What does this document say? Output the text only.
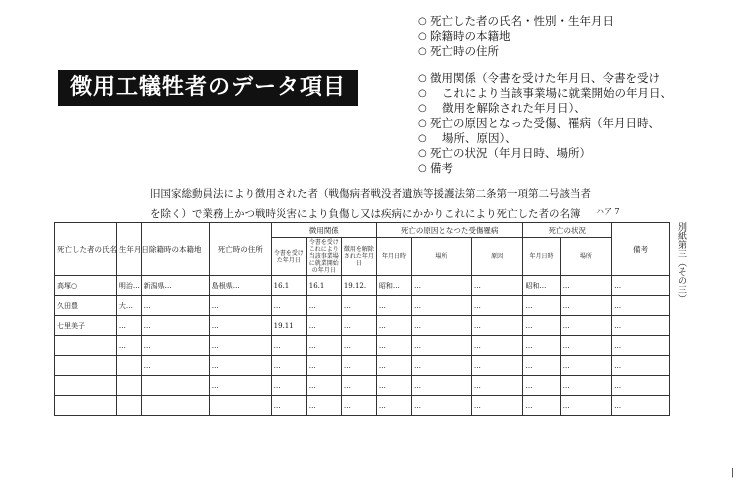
徴用工犠牲者のデータ項目

○ 死亡した者の氏名・性別・生年月日

○ 除籍時の本籍地

○ 死亡時の住所

○ 徴用関係（令書を受けた年月日、令書を受け

○ これにより当該事業場に就業開始の年月日、

○ 徴用を解除された年月日）、

○ 死亡の原因となった受傷、罹病（年月日時、

○ 場所、原因）、

○ 死亡の状況（年月日時、場所）

○ 備考

旧国家総動員法により徴用された者（戦傷病者戦没者遺族等援護法第二条第一項第二号該当者
を除く）で業務上かつ戦時災害により負傷し又は疾病にかかりこれにより死亡した者の名簿 ハア 7
別紙第三（その三）
|
死亡した者の氏名	生年月日	除籍時の本籍地	死亡時の住所	徴用関係			死亡の原因となつた受傷罹病			死亡の状況		備考
				令書を受けた年月日	令書を受けこれにより当該事業場に就業開始の年月日	徴用を解除された年月日	年月日時	場所	原因	年月日時	場所	
高塚○	明治…	新潟県…	島根県…	16.1	16.1	19.12.	昭和…	…	…	昭和…	…	…
久田豊	大…	…	…	…	…	…	…	…	…	…	…	…
七里美子	…	…	…	19.11	…	…	…	…	…	…	…	…
	…	…	…	…	…	…	…	…	…	…	…	…
		…	…	…	…	…	…	…	…	…	…	…
			…	…	…	…	…	…	…	…	…	…
				…	…	…	…	…	…	…	…	…
